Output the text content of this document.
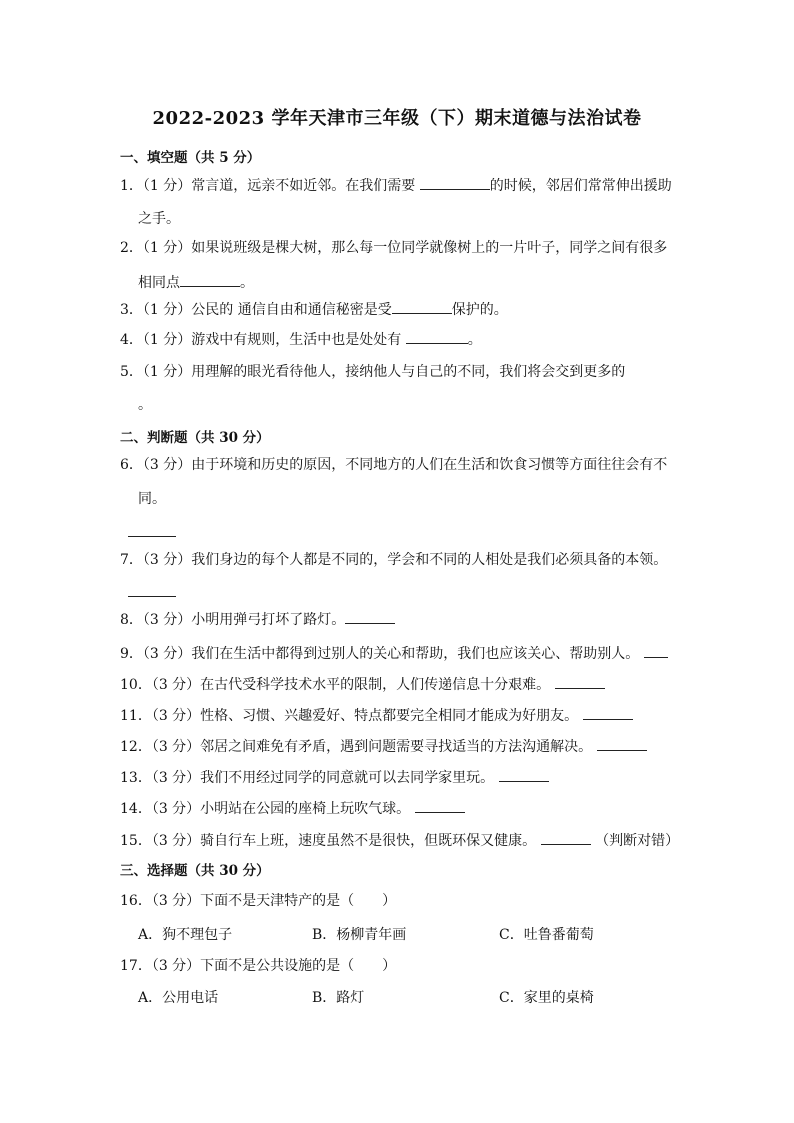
2022-2023 学年天津市三年级（下）期末道德与法治试卷
一、填空题（共 5 分）
1．（1 分）常言道，远亲不如近邻。在我们需要	的时候，邻居们常常伸出援助
之手。
2．（1 分）如果说班级是棵大树，那么每一位同学就像树上的一片叶子，同学之间有很多
相同点	。
3．（1 分）公民的 通信自由和通信秘密是受	保护的。
4．（1 分）游戏中有规则，生活中也是处处有	。
5．（1 分）用理解的眼光看待他人，接纳他人与自己的不同，我们将会交到更多的
。
二、判断题（共 30 分）
6．（3 分）由于环境和历史的原因，不同地方的人们在生活和饮食习惯等方面往往会有不
同。
7．（3 分）我们身边的每个人都是不同的，学会和不同的人相处是我们必须具备的本领。
8．（3 分）小明用弹弓打坏了路灯。
9．（3 分）我们在生活中都得到过别人的关心和帮助，我们也应该关心、帮助别人。
10．（3 分）在古代受科学技术水平的限制，人们传递信息十分艰难。
11．（3 分）性格、习惯、兴趣爱好、特点都要完全相同才能成为好朋友。
12．（3 分）邻居之间难免有矛盾，遇到问题需要寻找适当的方法沟通解决。
13．（3 分）我们不用经过同学的同意就可以去同学家里玩。
14．（3 分）小明站在公园的座椅上玩吹气球。
15．（3 分）骑自行车上班，速度虽然不是很快，但既环保又健康。	（判断对错）
三、选择题（共 30 分）
16．（3 分）下面不是天津特产的是（　　）
A．狗不理包子	B．杨柳青年画	C．吐鲁番葡萄
17．（3 分）下面不是公共设施的是（　　）
A．公用电话	B．路灯	C．家里的桌椅
